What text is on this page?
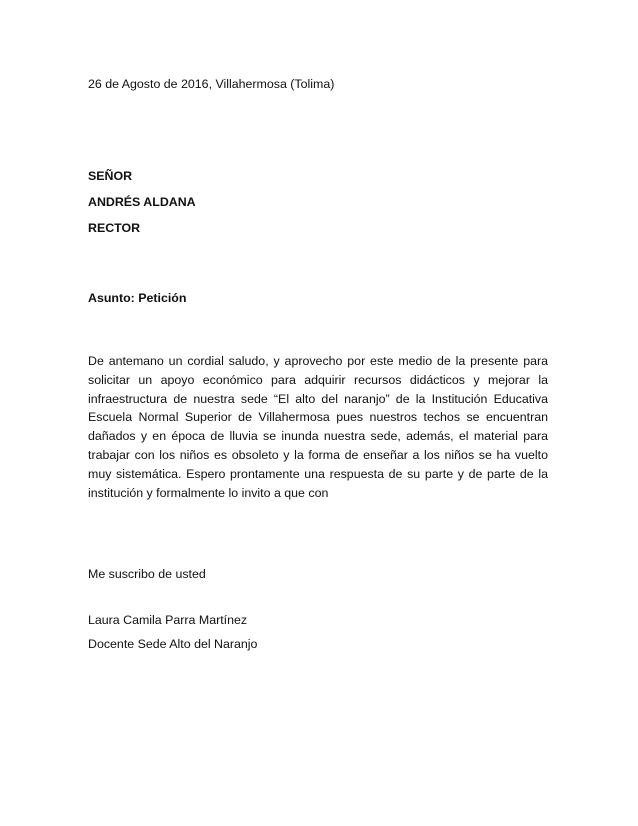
26 de Agosto de 2016, Villahermosa (Tolima)
SEÑOR
ANDRÉS ALDANA
RECTOR
Asunto: Petición
De antemano un cordial saludo, y aprovecho por este medio de la presente para solicitar un apoyo económico para adquirir recursos didácticos y mejorar la infraestructura de nuestra sede “El alto del naranjo” de la Institución Educativa Escuela Normal Superior de Villahermosa pues nuestros techos se encuentran dañados y en época de lluvia se inunda nuestra sede, además, el material para trabajar con los niños es obsoleto y la forma de enseñar a los niños se ha vuelto muy sistemática. Espero prontamente una respuesta de su parte y de parte de la institución y formalmente lo invito a que con
Me suscribo de usted
Laura Camila Parra Martínez
Docente Sede Alto del Naranjo
